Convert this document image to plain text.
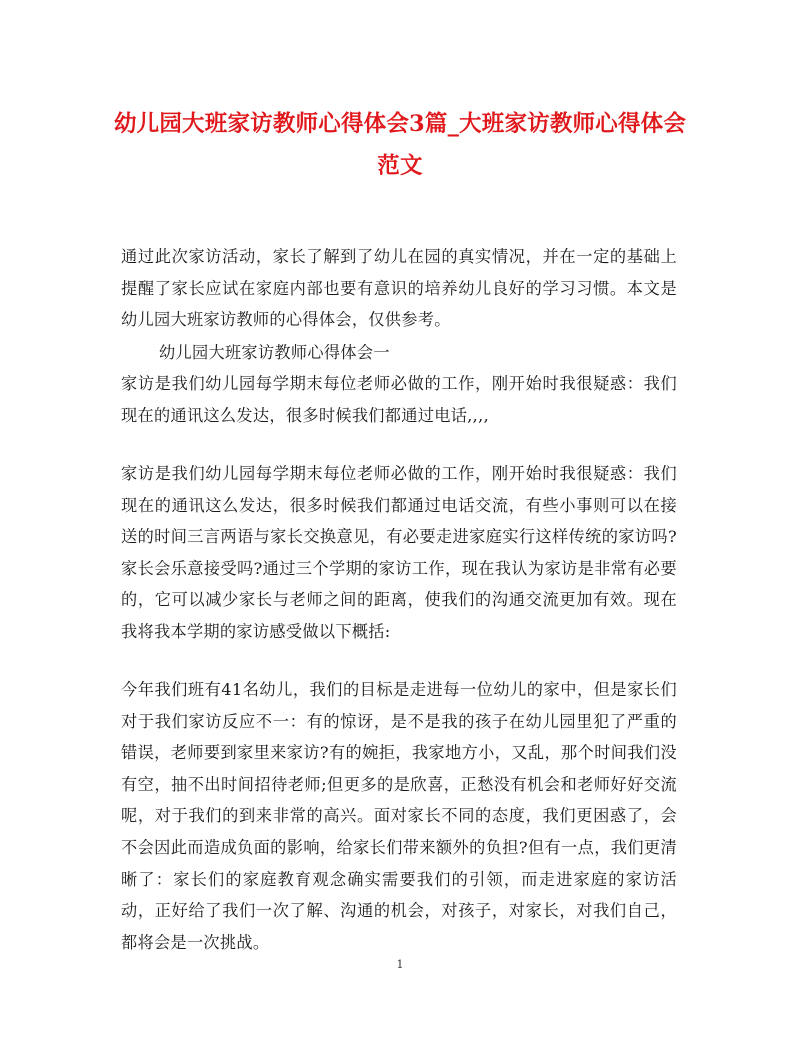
幼儿园大班家访教师心得体会3篇_大班家访教师心得体会范文
通过此次家访活动，家长了解到了幼儿在园的真实情况，并在一定的基础上提醒了家长应试在家庭内部也要有意识的培养幼儿良好的学习习惯。本文是幼儿园大班家访教师的心得体会，仅供参考。
幼儿园大班家访教师心得体会一
家访是我们幼儿园每学期末每位老师必做的工作，刚开始时我很疑惑：我们现在的通讯这么发达，很多时候我们都通过电话,,,,
家访是我们幼儿园每学期末每位老师必做的工作，刚开始时我很疑惑：我们现在的通讯这么发达，很多时候我们都通过电话交流，有些小事则可以在接送的时间三言两语与家长交换意见，有必要走进家庭实行这样传统的家访吗?家长会乐意接受吗?通过三个学期的家访工作，现在我认为家访是非常有必要的，它可以减少家长与老师之间的距离，使我们的沟通交流更加有效。现在我将我本学期的家访感受做以下概括:
今年我们班有41名幼儿，我们的目标是走进每一位幼儿的家中，但是家长们对于我们家访反应不一：有的惊讶，是不是我的孩子在幼儿园里犯了严重的错误，老师要到家里来家访?有的婉拒，我家地方小，又乱，那个时间我们没有空，抽不出时间招待老师;但更多的是欣喜，正愁没有机会和老师好好交流呢，对于我们的到来非常的高兴。面对家长不同的态度，我们更困惑了，会不会因此而造成负面的影响，给家长们带来额外的负担?但有一点，我们更清晰了：家长们的家庭教育观念确实需要我们的引领，而走进家庭的家访活动，正好给了我们一次了解、沟通的机会，对孩子，对家长，对我们自己，都将会是一次挑战。
1
